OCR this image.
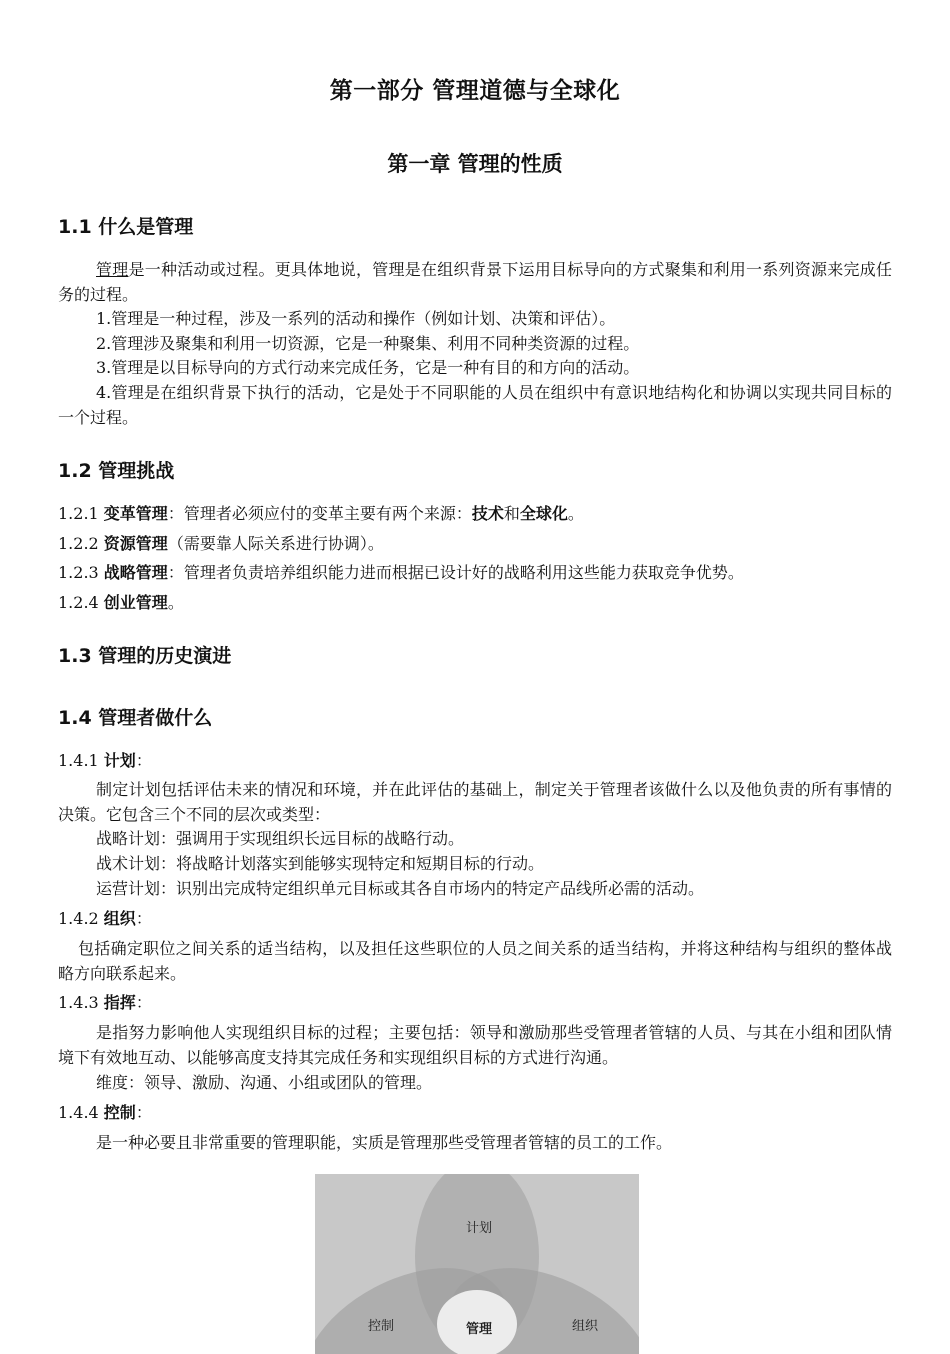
第一部分 管理道德与全球化
第一章 管理的性质
1.1 什么是管理
管理是一种活动或过程。更具体地说，管理是在组织背景下运用目标导向的方式聚集和利用一系列资源来完成任务的过程。
1.管理是一种过程，涉及一系列的活动和操作（例如计划、决策和评估）。
2.管理涉及聚集和利用一切资源，它是一种聚集、利用不同种类资源的过程。
3.管理是以目标导向的方式行动来完成任务，它是一种有目的和方向的活动。
4.管理是在组织背景下执行的活动，它是处于不同职能的人员在组织中有意识地结构化和协调以实现共同目标的一个过程。
1.2 管理挑战
1.2.1 变革管理：管理者必须应付的变革主要有两个来源：技术和全球化。
1.2.2 资源管理（需要靠人际关系进行协调）。
1.2.3 战略管理：管理者负责培养组织能力进而根据已设计好的战略利用这些能力获取竞争优势。
1.2.4 创业管理。
1.3 管理的历史演进
1.4 管理者做什么
1.4.1 计划：
制定计划包括评估未来的情况和环境，并在此评估的基础上，制定关于管理者该做什么以及他负责的所有事情的决策。它包含三个不同的层次或类型：
战略计划：强调用于实现组织长远目标的战略行动。
战术计划：将战略计划落实到能够实现特定和短期目标的行动。
运营计划：识别出完成特定组织单元目标或其各自市场内的特定产品线所必需的活动。
1.4.2 组织：
包括确定职位之间关系的适当结构，以及担任这些职位的人员之间关系的适当结构，并将这种结构与组织的整体战略方向联系起来。
1.4.3 指挥：
是指努力影响他人实现组织目标的过程；主要包括：领导和激励那些受管理者管辖的人员、与其在小组和团队情境下有效地互动、以能够高度支持其完成任务和实现组织目标的方式进行沟通。
维度：领导、激励、沟通、小组或团队的管理。
1.4.4 控制：
是一种必要且非常重要的管理职能，实质是管理那些受管理者管辖的员工的工作。
计划
控制	组织
管理
